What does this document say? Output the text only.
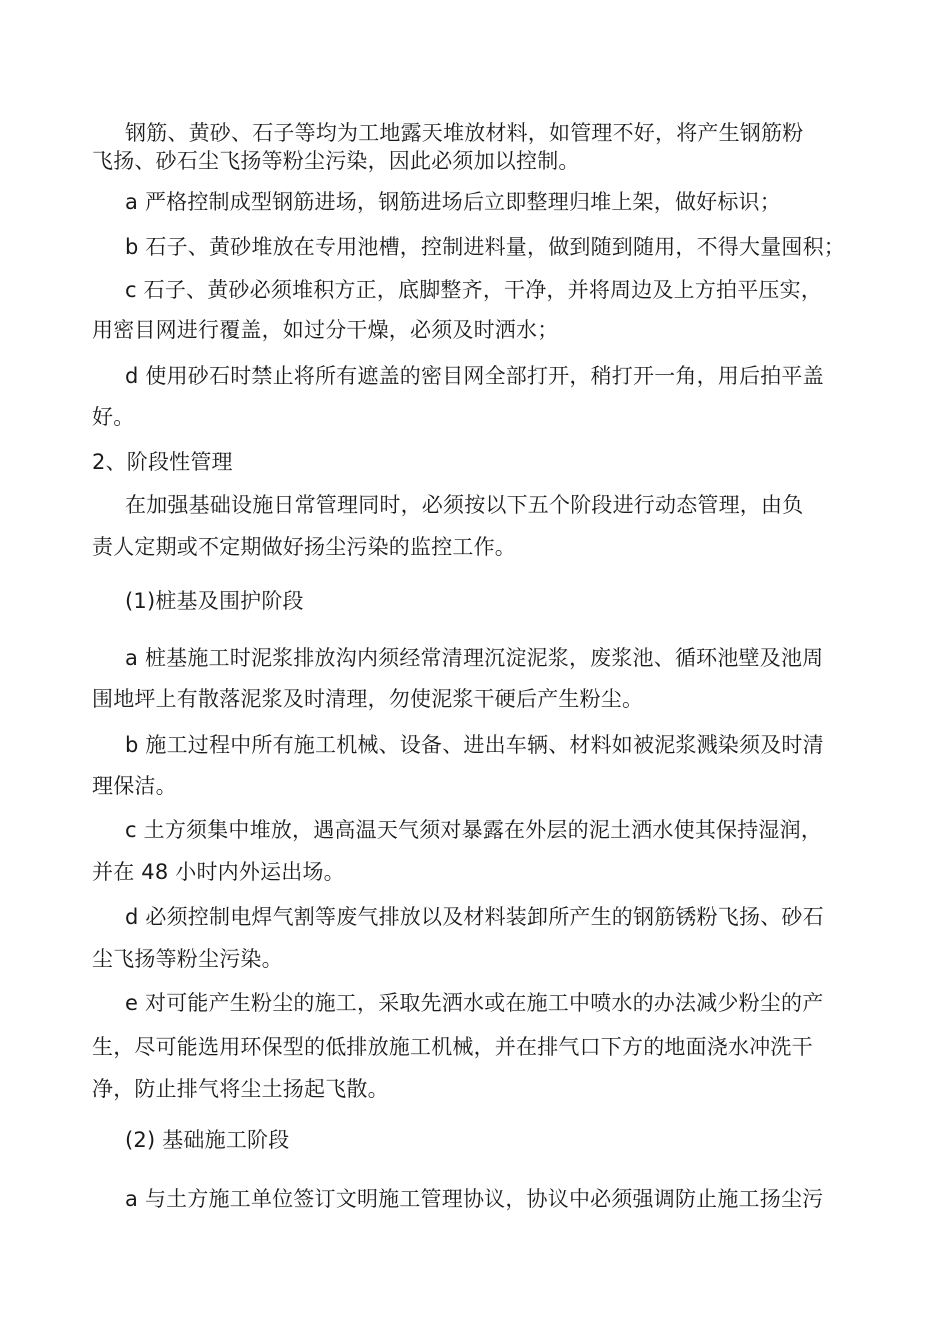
钢筋、黄砂、石子等均为工地露天堆放材料，如管理不好，将产生钢筋粉
飞扬、砂石尘飞扬等粉尘污染，因此必须加以控制。
a 严格控制成型钢筋进场，钢筋进场后立即整理归堆上架，做好标识；
b 石子、黄砂堆放在专用池槽，控制进料量，做到随到随用，不得大量囤积；
c 石子、黄砂必须堆积方正，底脚整齐，干净，并将周边及上方拍平压实，
用密目网进行覆盖，如过分干燥，必须及时洒水；
d 使用砂石时禁止将所有遮盖的密目网全部打开，稍打开一角，用后拍平盖
好。
2、阶段性管理
在加强基础设施日常管理同时，必须按以下五个阶段进行动态管理，由负
责人定期或不定期做好扬尘污染的监控工作。
(1)桩基及围护阶段
a 桩基施工时泥浆排放沟内须经常清理沉淀泥浆，废浆池、循环池壁及池周
围地坪上有散落泥浆及时清理，勿使泥浆干硬后产生粉尘。
b 施工过程中所有施工机械、设备、进出车辆、材料如被泥浆溅染须及时清
理保洁。
c 土方须集中堆放，遇高温天气须对暴露在外层的泥土洒水使其保持湿润，
并在 48 小时内外运出场。
d 必须控制电焊气割等废气排放以及材料装卸所产生的钢筋锈粉飞扬、砂石
尘飞扬等粉尘污染。
e 对可能产生粉尘的施工，采取先洒水或在施工中喷水的办法减少粉尘的产
生，尽可能选用环保型的低排放施工机械，并在排气口下方的地面浇水冲洗干
净，防止排气将尘土扬起飞散。
(2) 基础施工阶段
a 与土方施工单位签订文明施工管理协议，协议中必须强调防止施工扬尘污
